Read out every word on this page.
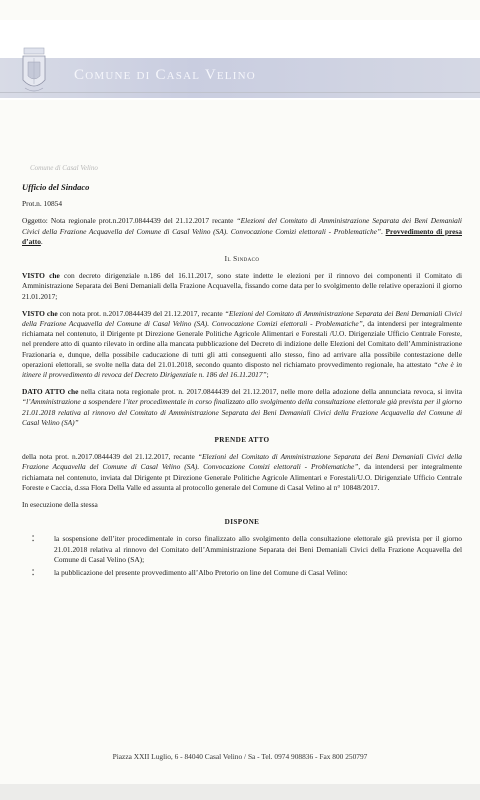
Comune di Casal Velino
Comune di Casal Velino

Ufficio del Sindaco

Prot.n. 10854

Oggetto: Nota regionale prot.n.2017.0844439 del 21.12.2017 recante “Elezioni del Comitato di Amministrazione Separata dei Beni Demaniali Civici della Frazione Acquavella del Comune di Casal Velino (SA). Convocazione Comizi elettorali - Problematiche”. Provvedimento di presa d’atto.

Il Sindaco

VISTO che con decreto dirigenziale n.186 del 16.11.2017, sono state indette le elezioni per il rinnovo dei componenti il Comitato di Amministrazione Separata dei Beni Demaniali della Frazione Acquavella, fissando come data per lo svolgimento delle relative operazioni il giorno 21.01.2017;

VISTO che con nota prot. n.2017.0844439 del 21.12.2017, recante “Elezioni del Comitato di Amministrazione Separata dei Beni Demaniali Civici della Frazione Acquavella del Comune di Casal Velino (SA). Convocazione Comizi elettorali - Problematiche”, da intendersi per integralmente richiamata nel contenuto, il Dirigente pt Direzione Generale Politiche Agricole Alimentari e Forestali /U.O. Dirigenziale Ufficio Centrale Foreste, nel prendere atto di quanto rilevato in ordine alla mancata pubblicazione del Decreto di indizione delle Elezioni del Comitato dell’Amministrazione Frazionaria e, dunque, della possibile caducazione di tutti gli atti conseguenti allo stesso, fino ad arrivare alla possibile contestazione delle operazioni elettorali, se svolte nella data del 21.01.2018, secondo quanto disposto nel richiamato provvedimento regionale, ha attestato “che è in itinere il provvedimento di revoca del Decreto Dirigenziale n. 186 del 16.11.2017”;

DATO ATTO che nella citata nota regionale prot. n. 2017.0844439 del 21.12.2017, nelle more della adozione della annunciata revoca, si invita “l’Amministrazione a sospendere l’iter procedimentale in corso finalizzato allo svolgimento della consultazione elettorale già prevista per il giorno 21.01.2018 relativa al rinnovo del Comitato di Amministrazione Separata dei Beni Demaniali Civici della Frazione Acquavella del Comune di Casal Velino (SA)”

PRENDE ATTO

della nota prot. n.2017.0844439 del 21.12.2017, recante “Elezioni del Comitato di Amministrazione Separata dei Beni Demaniali Civici della Frazione Acquavella del Comune di Casal Velino (SA). Convocazione Comizi elettorali - Problematiche”, da intendersi per integralmente richiamata nel contenuto, inviata dal Dirigente pt Direzione Generale Politiche Agricole Alimentari e Forestali/U.O. Dirigenziale Ufficio Centrale Foreste e Caccia, d.ssa Flora Della Valle ed assunta al protocollo generale del Comune di Casal Velino al n° 10848/2017.

In esecuzione della stessa

DISPONE

⁚	la sospensione dell’iter procedimentale in corso finalizzato allo svolgimento della consultazione elettorale già prevista per il giorno 21.01.2018 relativa al rinnovo del Comitato dell’Amministrazione Separata dei Beni Demaniali Civici della Frazione Acquavella del Comune di Casal Velino (SA);
⁚	la pubblicazione del presente provvedimento all’Albo Pretorio on line del Comune di Casal Velino:
Piazza XXII Luglio, 6 - 84040 Casal Velino / Sa - Tel. 0974 908836 - Fax 800 250797
